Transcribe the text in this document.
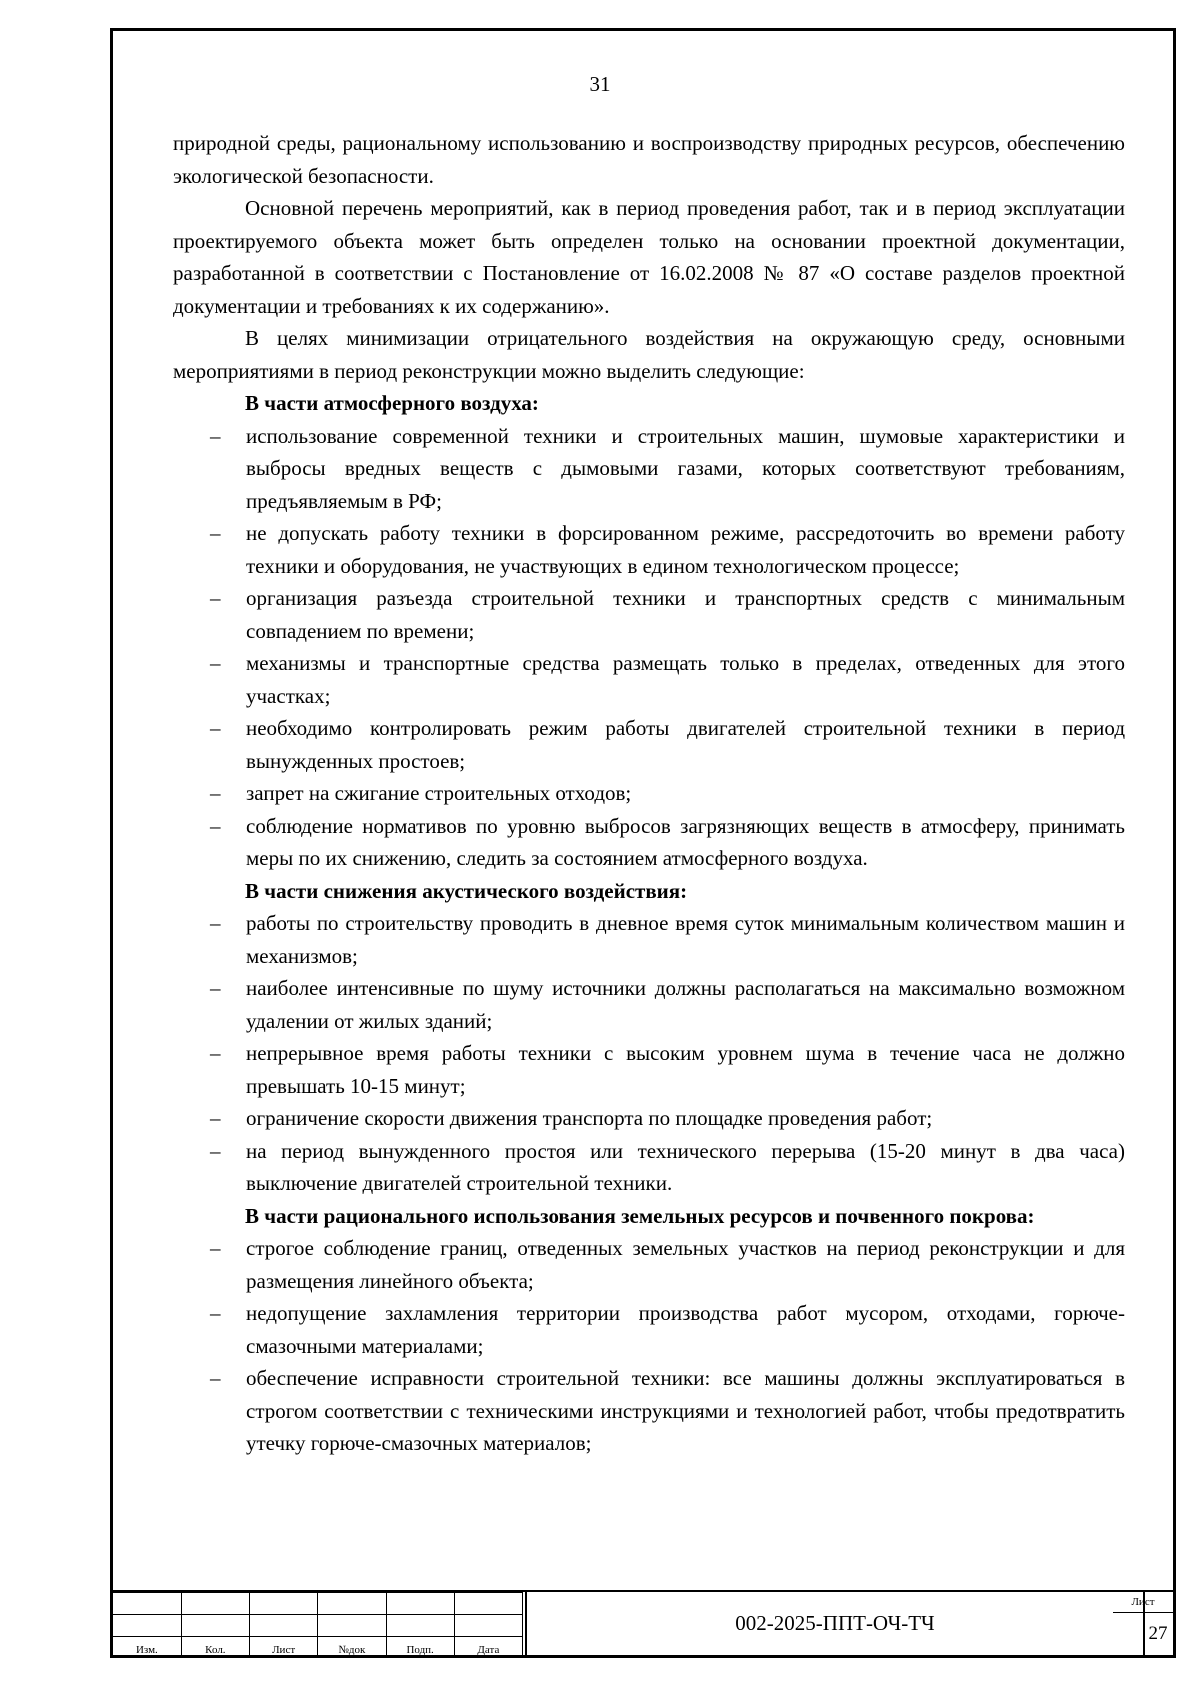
31

природной среды, рациональному использованию и воспроизводству природных ресурсов, обеспечению экологической безопасности.

Основной перечень мероприятий, как в период проведения работ, так и в период эксплуатации проектируемого объекта может быть определен только на основании проектной документации, разработанной в соответствии с Постановление от 16.02.2008 № 87 «О составе разделов проектной документации и требованиях к их содержанию».

В целях минимизации отрицательного воздействия на окружающую среду, основными мероприятиями в период реконструкции можно выделить следующие:

В части атмосферного воздуха:

– использование современной техники и строительных машин, шумовые характеристики и выбросы вредных веществ с дымовыми газами, которых соответствуют требованиям, предъявляемым в РФ;
– не допускать работу техники в форсированном режиме, рассредоточить во времени работу техники и оборудования, не участвующих в едином технологическом процессе;
– организация разъезда строительной техники и транспортных средств с минимальным совпадением по времени;
– механизмы и транспортные средства размещать только в пределах, отведенных для этого участках;
– необходимо контролировать режим работы двигателей строительной техники в период вынужденных простоев;
– запрет на сжигание строительных отходов;
– соблюдение нормативов по уровню выбросов загрязняющих веществ в атмосферу, принимать меры по их снижению, следить за состоянием атмосферного воздуха.

В части снижения акустического воздействия:

– работы по строительству проводить в дневное время суток минимальным количеством машин и механизмов;
– наиболее интенсивные по шуму источники должны располагаться на максимально возможном удалении от жилых зданий;
– непрерывное время работы техники с высоким уровнем шума в течение часа не должно превышать 10-15 минут;
– ограничение скорости движения транспорта по площадке проведения работ;
– на период вынужденного простоя или технического перерыва (15-20 минут в два часа) выключение двигателей строительной техники.

В части рационального использования земельных ресурсов и почвенного покрова:

– строгое соблюдение границ, отведенных земельных участков на период реконструкции и для размещения линейного объекта;
– недопущение захламления территории производства работ мусором, отходами, горюче-смазочными материалами;
– обеспечение исправности строительной техники: все машины должны эксплуатироваться в строгом соответствии с техническими инструкциями и технологией работ, чтобы предотвратить утечку горюче-смазочных материалов;

Изм.	Кол.	Лист	№док	Подп.	Дата
002-2025-ППТ-ОЧ-ТЧ
Лист
27
